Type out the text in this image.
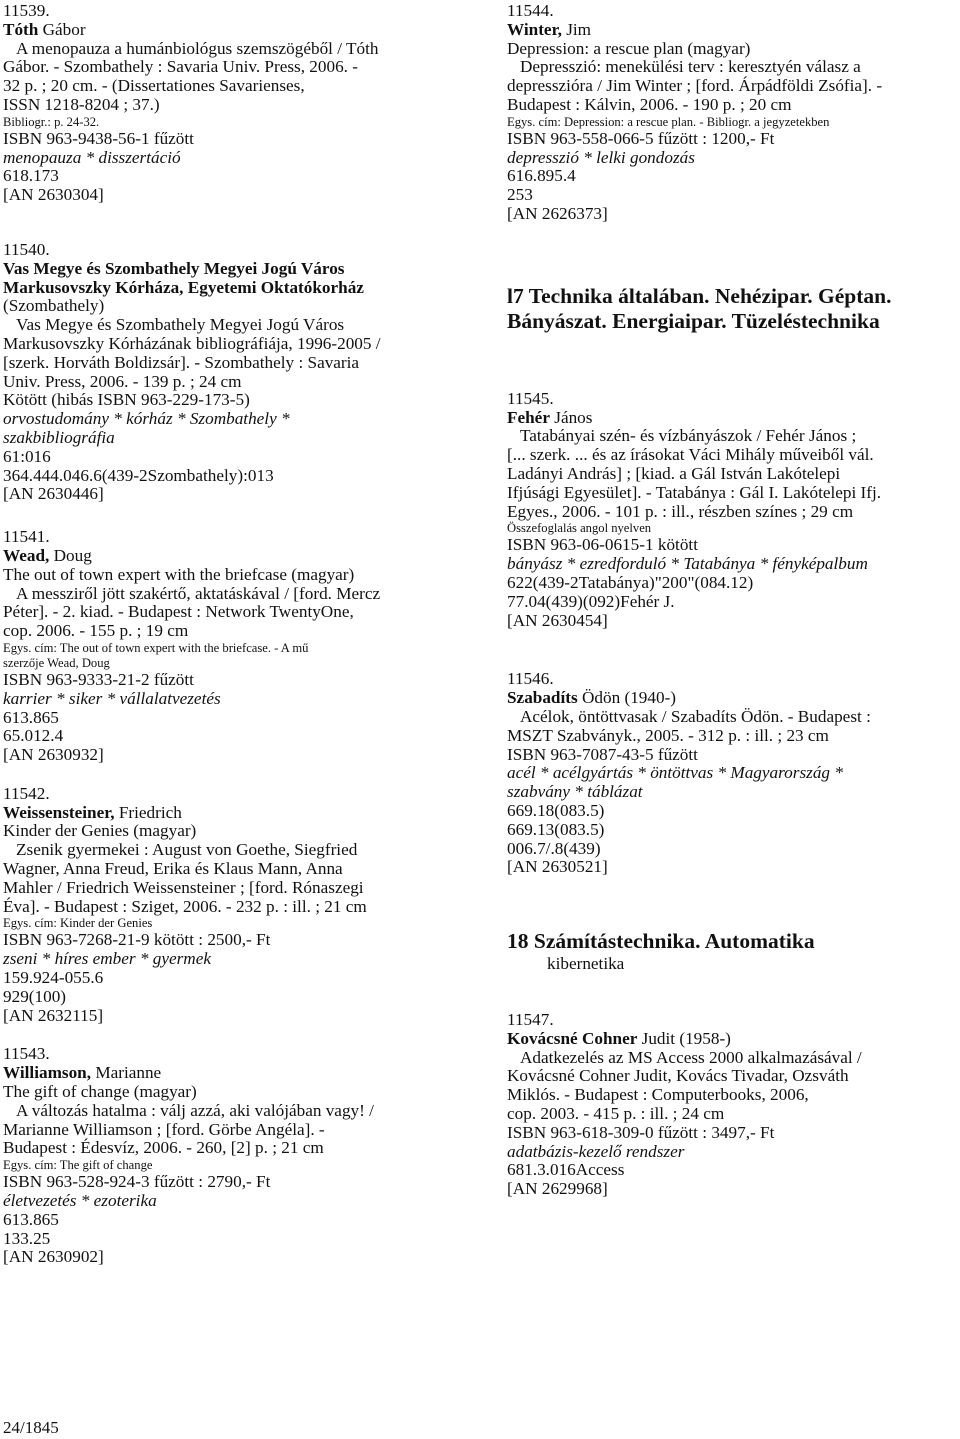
11539.
Tóth Gábor
A menopauza a humánbiológus szemszögéből / Tóth
Gábor. - Szombathely : Savaria Univ. Press, 2006. -
32 p. ; 20 cm. - (Dissertationes Savarienses,
ISSN 1218-8204 ; 37.)
Bibliogr.: p. 24-32.
ISBN 963-9438-56-1 fűzött
menopauza * disszertáció
618.173
[AN 2630304]
11540.
Vas Megye és Szombathely Megyei Jogú Város
Markusovszky Kórháza, Egyetemi Oktatókorház
(Szombathely)
Vas Megye és Szombathely Megyei Jogú Város
Markusovszky Kórházának bibliográfiája, 1996-2005 /
[szerk. Horváth Boldizsár]. - Szombathely : Savaria
Univ. Press, 2006. - 139 p. ; 24 cm
Kötött (hibás ISBN 963-229-173-5)
orvostudomány * kórház * Szombathely *
szakbibliográfia
61:016
364.444.046.6(439-2Szombathely):013
[AN 2630446]
11541.
Wead, Doug
The out of town expert with the briefcase (magyar)
A messziről jött szakértő, aktatáskával / [ford. Mercz
Péter]. - 2. kiad. - Budapest : Network TwentyOne,
cop. 2006. - 155 p. ; 19 cm
Egys. cím: The out of town expert with the briefcase. - A mű
szerzője Wead, Doug
ISBN 963-9333-21-2 fűzött
karrier * siker * vállalatvezetés
613.865
65.012.4
[AN 2630932]
11542.
Weissensteiner, Friedrich
Kinder der Genies (magyar)
Zsenik gyermekei : August von Goethe, Siegfried
Wagner, Anna Freud, Erika és Klaus Mann, Anna
Mahler / Friedrich Weissensteiner ; [ford. Rónaszegi
Éva]. - Budapest : Sziget, 2006. - 232 p. : ill. ; 21 cm
Egys. cím: Kinder der Genies
ISBN 963-7268-21-9 kötött : 2500,- Ft
zseni * híres ember * gyermek
159.924-055.6
929(100)
[AN 2632115]
11543.
Williamson, Marianne
The gift of change (magyar)
A változás hatalma : válj azzá, aki valójában vagy! /
Marianne Williamson ; [ford. Görbe Angéla]. -
Budapest : Édesvíz, 2006. - 260, [2] p. ; 21 cm
Egys. cím: The gift of change
ISBN 963-528-924-3 fűzött : 2790,- Ft
életvezetés * ezoterika
613.865
133.25
[AN 2630902]
11544.
Winter, Jim
Depression: a rescue plan (magyar)
Depresszió: menekülési terv : keresztyén válasz a
depresszióra / Jim Winter ; [ford. Árpádföldi Zsófia]. -
Budapest : Kálvin, 2006. - 190 p. ; 20 cm
Egys. cím: Depression: a rescue plan. - Bibliogr. a jegyzetekben
ISBN 963-558-066-5 fűzött : 1200,- Ft
depresszió * lelki gondozás
616.895.4
253
[AN 2626373]
l7 Technika általában. Nehézipar. Géptan.
Bányászat. Energiaipar. Tüzeléstechnika
11545.
Fehér János
Tatabányai szén- és vízbányászok / Fehér János ;
[... szerk. ... és az írásokat Váci Mihály műveiből vál.
Ladányi András] ; [kiad. a Gál István Lakótelepi
Ifjúsági Egyesület]. - Tatabánya : Gál I. Lakótelepi Ifj.
Egyes., 2006. - 101 p. : ill., részben színes ; 29 cm
Összefoglalás angol nyelven
ISBN 963-06-0615-1 kötött
bányász * ezredforduló * Tatabánya * fényképalbum
622(439-2Tatabánya)"200"(084.12)
77.04(439)(092)Fehér J.
[AN 2630454]
11546.
Szabadíts Ödön (1940-)
Acélok, öntöttvasak / Szabadíts Ödön. - Budapest :
MSZT Szabványk., 2005. - 312 p. : ill. ; 23 cm
ISBN 963-7087-43-5 fűzött
acél * acélgyártás * öntöttvas * Magyarország *
szabvány * táblázat
669.18(083.5)
669.13(083.5)
006.7/.8(439)
[AN 2630521]
18 Számítástechnika. Automatika
kibernetika
11547.
Kovácsné Cohner Judit (1958-)
Adatkezelés az MS Access 2000 alkalmazásával /
Kovácsné Cohner Judit, Kovács Tivadar, Ozsváth
Miklós. - Budapest : Computerbooks, 2006,
cop. 2003. - 415 p. : ill. ; 24 cm
ISBN 963-618-309-0 fűzött : 3497,- Ft
adatbázis-kezelő rendszer
681.3.016Access
[AN 2629968]
24/1845
